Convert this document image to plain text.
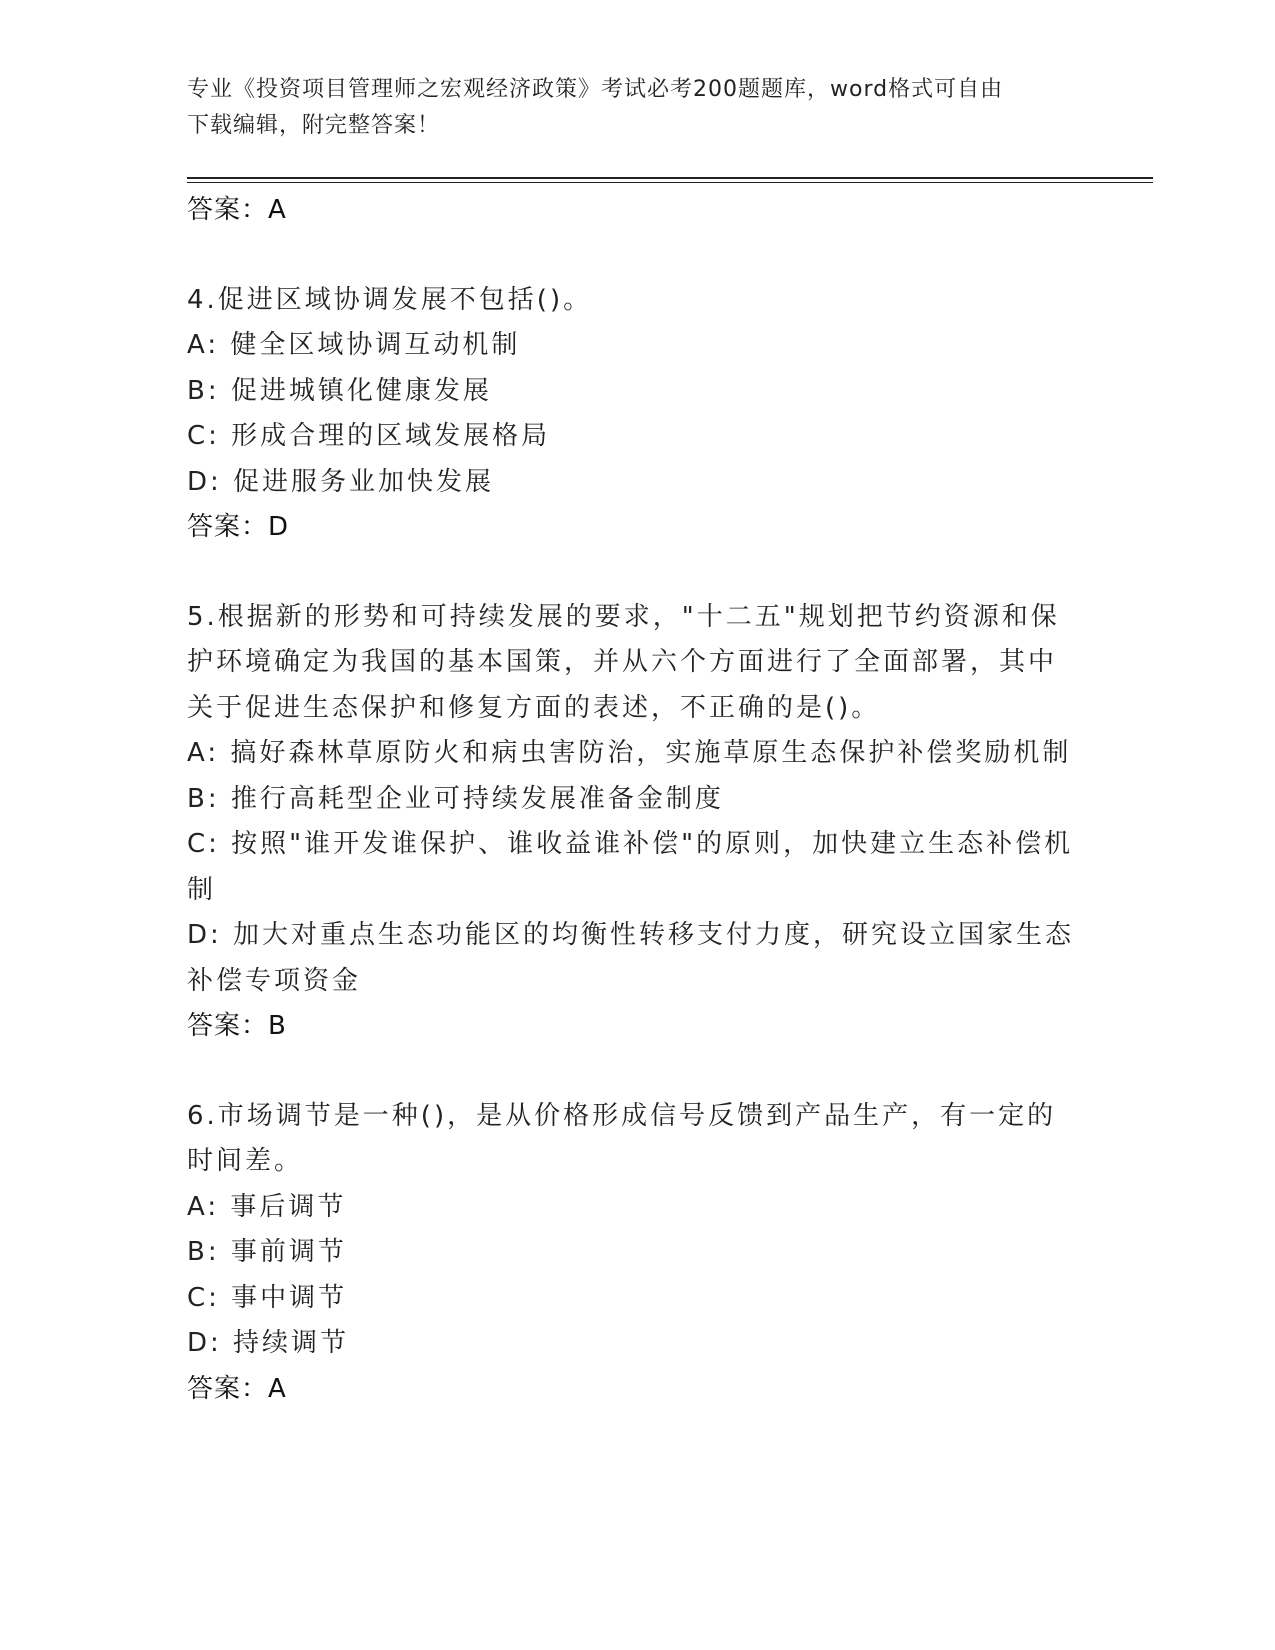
专业《投资项目管理师之宏观经济政策》考试必考200题题库，word格式可自由
下载编辑，附完整答案！
答案：A
4.促进区域协调发展不包括()。
A: 健全区域协调互动机制
B: 促进城镇化健康发展
C: 形成合理的区域发展格局
D: 促进服务业加快发展
答案：D
5.根据新的形势和可持续发展的要求，"十二五"规划把节约资源和保
护环境确定为我国的基本国策，并从六个方面进行了全面部署，其中
关于促进生态保护和修复方面的表述，不正确的是()。
A: 搞好森林草原防火和病虫害防治，实施草原生态保护补偿奖励机制
B: 推行高耗型企业可持续发展准备金制度
C: 按照"谁开发谁保护、谁收益谁补偿"的原则，加快建立生态补偿机
制
D: 加大对重点生态功能区的均衡性转移支付力度，研究设立国家生态
补偿专项资金
答案：B
6.市场调节是一种()，是从价格形成信号反馈到产品生产，有一定的
时间差。
A: 事后调节
B: 事前调节
C: 事中调节
D: 持续调节
答案：A
